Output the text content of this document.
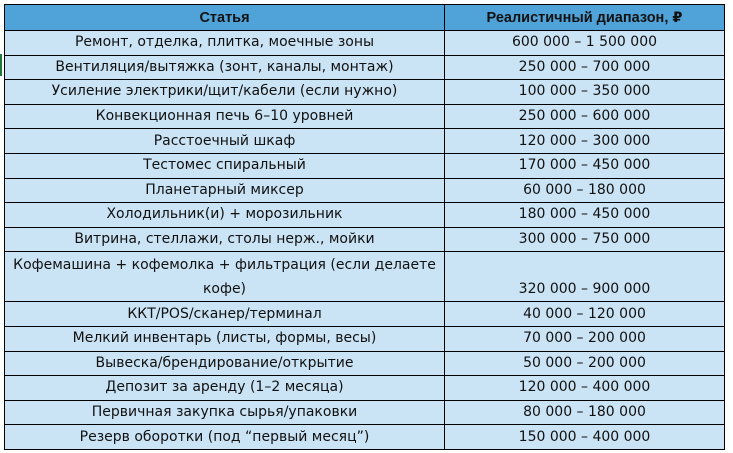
Статья	Реалистичный диапазон, ₽
Ремонт, отделка, плитка, моечные зоны	600 000 – 1 500 000
Вентиляция/вытяжка (зонт, каналы, монтаж)	250 000 – 700 000
Усиление электрики/щит/кабели (если нужно)	100 000 – 350 000
Конвекционная печь 6–10 уровней	250 000 – 600 000
Расстоечный шкаф	120 000 – 300 000
Тестомес спиральный	170 000 – 450 000
Планетарный миксер	60 000 – 180 000
Холодильник(и) + морозильник	180 000 – 450 000
Витрина, стеллажи, столы нерж., мойки	300 000 – 750 000
Кофемашина + кофемолка + фильтрация (если делаете кофе)	320 000 – 900 000
ККТ/POS/сканер/терминал	40 000 – 120 000
Мелкий инвентарь (листы, формы, весы)	70 000 – 200 000
Вывеска/брендирование/открытие	50 000 – 200 000
Депозит за аренду (1–2 месяца)	120 000 – 400 000
Первичная закупка сырья/упаковки	80 000 – 180 000
Резерв оборотки (под “первый месяц”)	150 000 – 400 000
